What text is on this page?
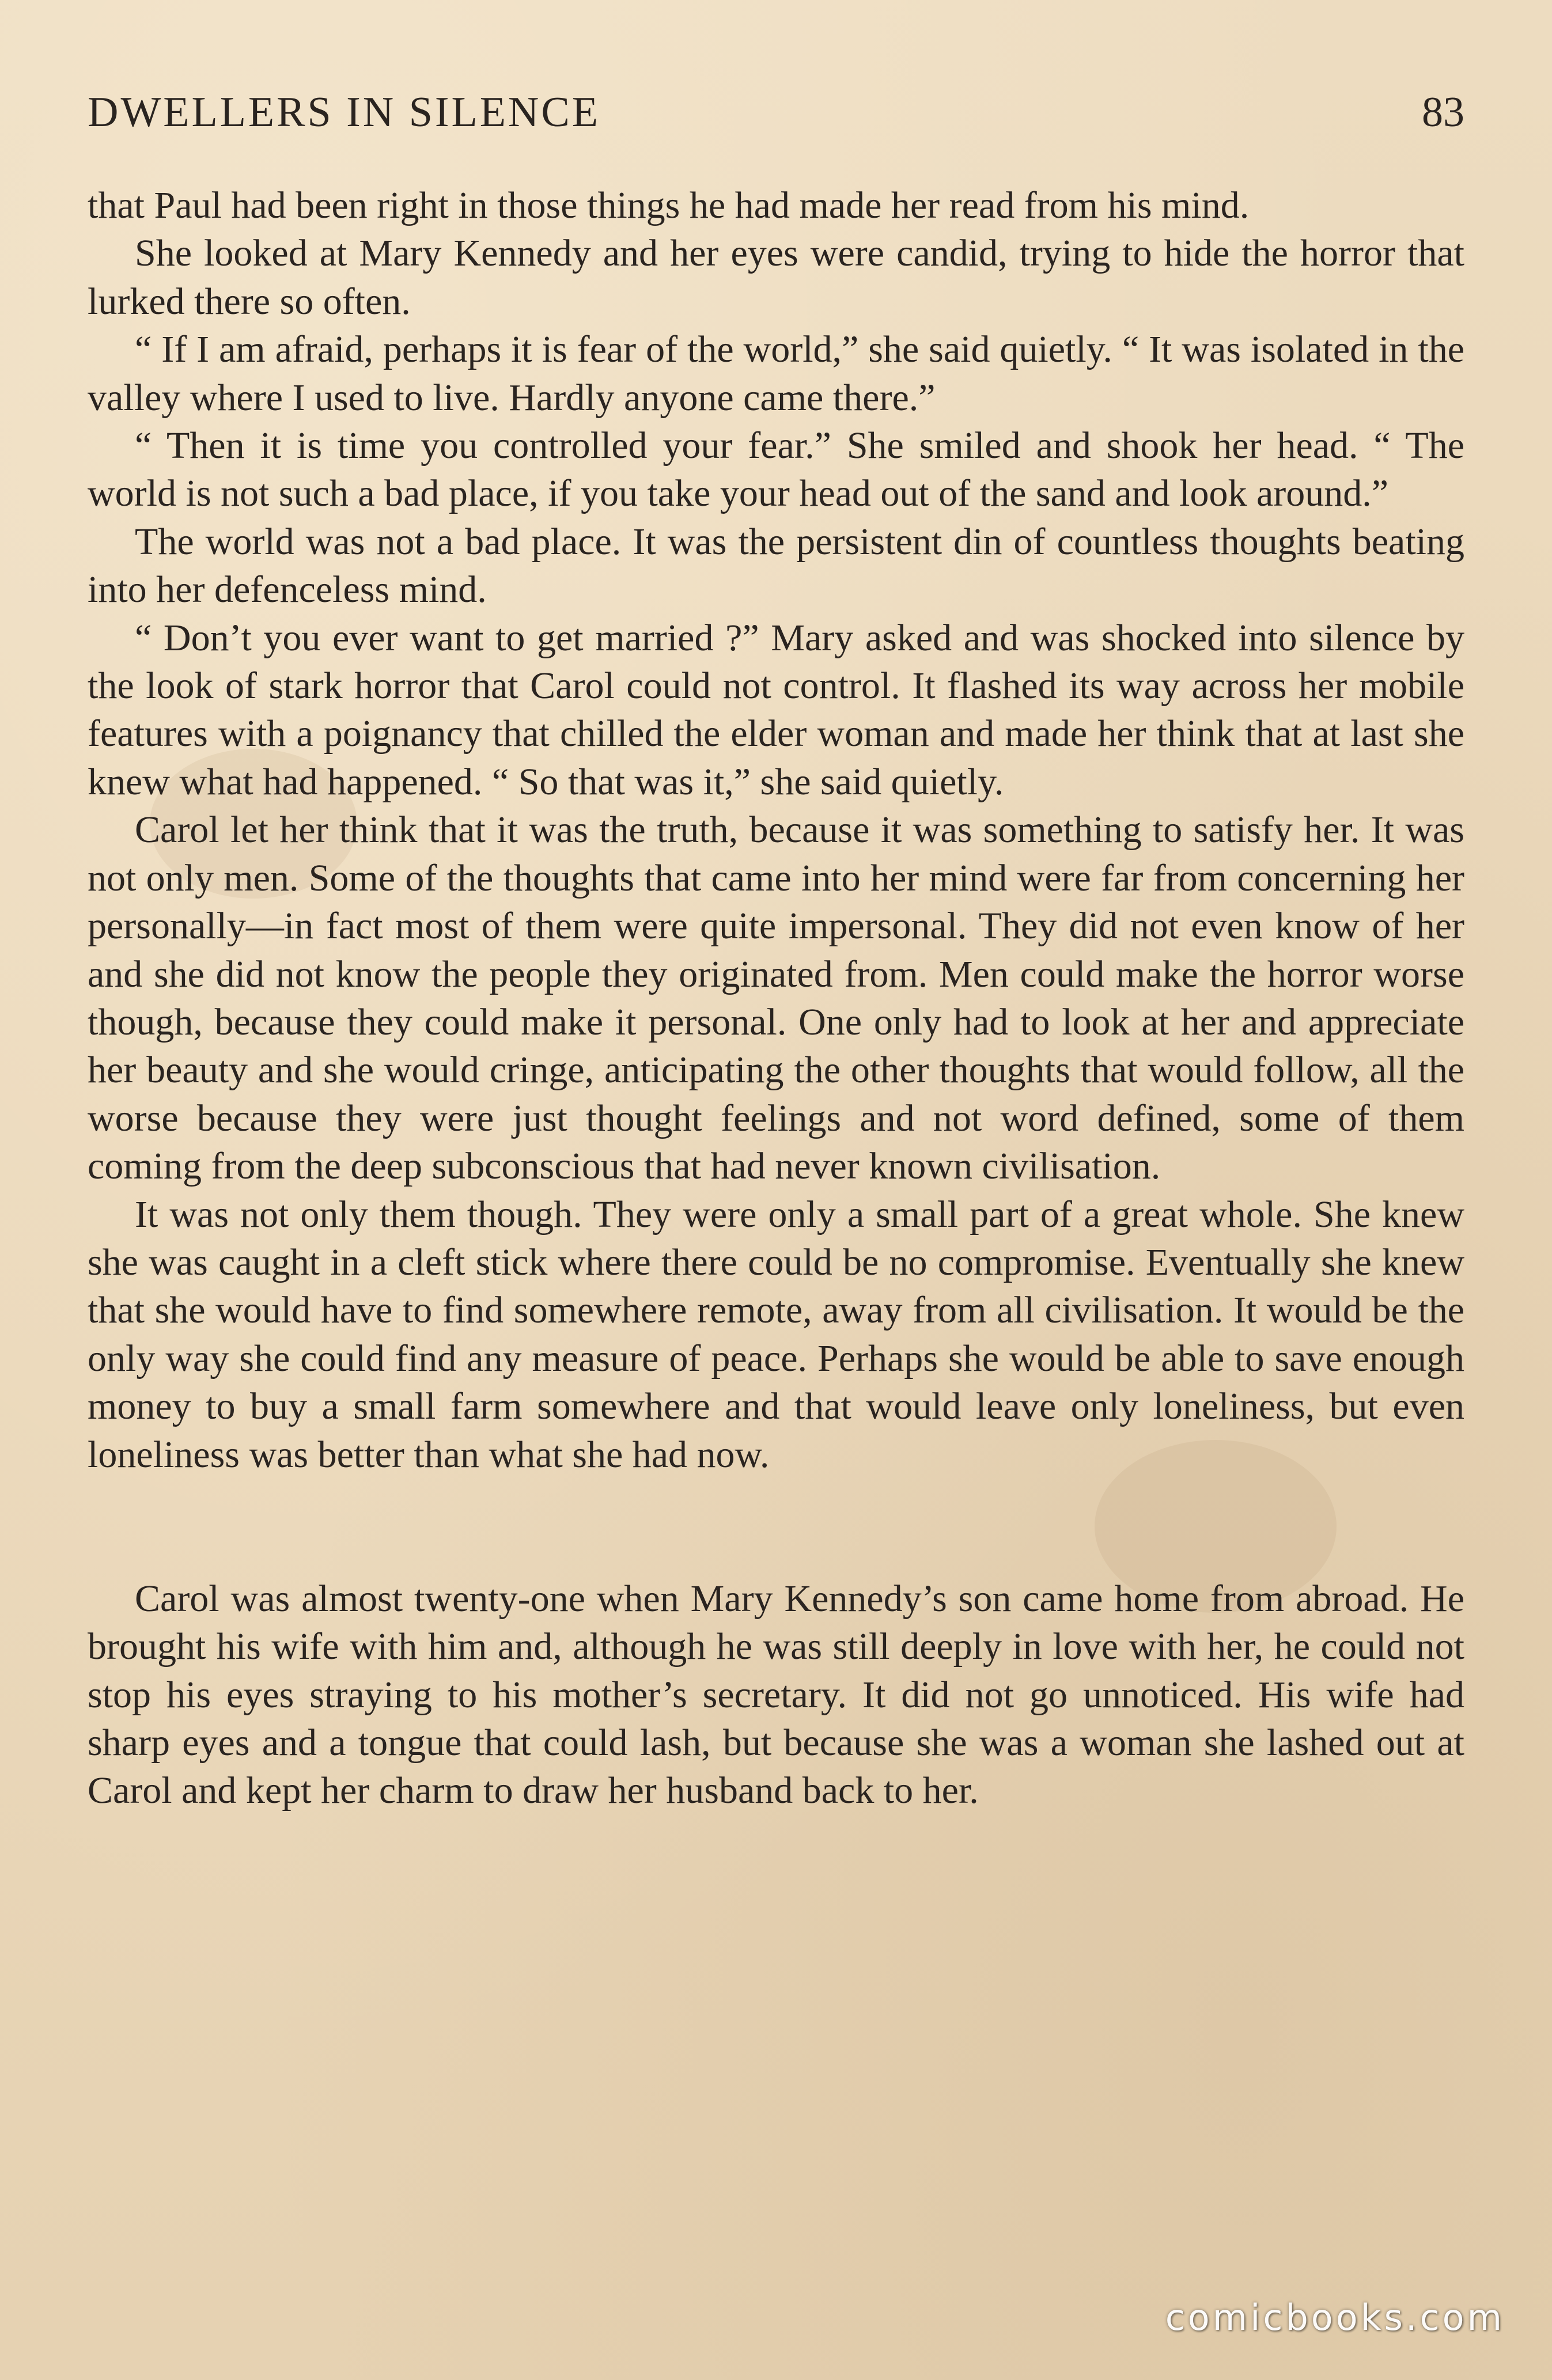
DWELLERS IN SILENCE	83

that Paul had been right in those things he had made her read from his mind.

She looked at Mary Kennedy and her eyes were candid, trying to hide the horror that lurked there so often.

“ If I am afraid, perhaps it is fear of the world,” she said quietly. “ It was isolated in the valley where I used to live. Hardly anyone came there.”

“ Then it is time you controlled your fear.” She smiled and shook her head. “ The world is not such a bad place, if you take your head out of the sand and look around.”

The world was not a bad place. It was the persistent din of countless thoughts beating into her defenceless mind.

“ Don’t you ever want to get married ?” Mary asked and was shocked into silence by the look of stark horror that Carol could not control. It flashed its way across her mobile features with a poignancy that chilled the elder woman and made her think that at last she knew what had happened. “ So that was it,” she said quietly.

Carol let her think that it was the truth, because it was something to satisfy her. It was not only men. Some of the thoughts that came into her mind were far from concerning her personally—in fact most of them were quite impersonal. They did not even know of her and she did not know the people they originated from. Men could make the horror worse though, because they could make it personal. One only had to look at her and appreciate her beauty and she would cringe, anticipating the other thoughts that would follow, all the worse because they were just thought feelings and not word defined, some of them coming from the deep subconscious that had never known civilisation.

It was not only them though. They were only a small part of a great whole. She knew she was caught in a cleft stick where there could be no compromise. Eventually she knew that she would have to find somewhere remote, away from all civilisation. It would be the only way she could find any measure of peace. Perhaps she would be able to save enough money to buy a small farm somewhere and that would leave only loneliness, but even loneliness was better than what she had now.

Carol was almost twenty-one when Mary Kennedy’s son came home from abroad. He brought his wife with him and, although he was still deeply in love with her, he could not stop his eyes straying to his mother’s secretary. It did not go unnoticed. His wife had sharp eyes and a tongue that could lash, but because she was a woman she lashed out at Carol and kept her charm to draw her husband back to her.

comicbooks.com
